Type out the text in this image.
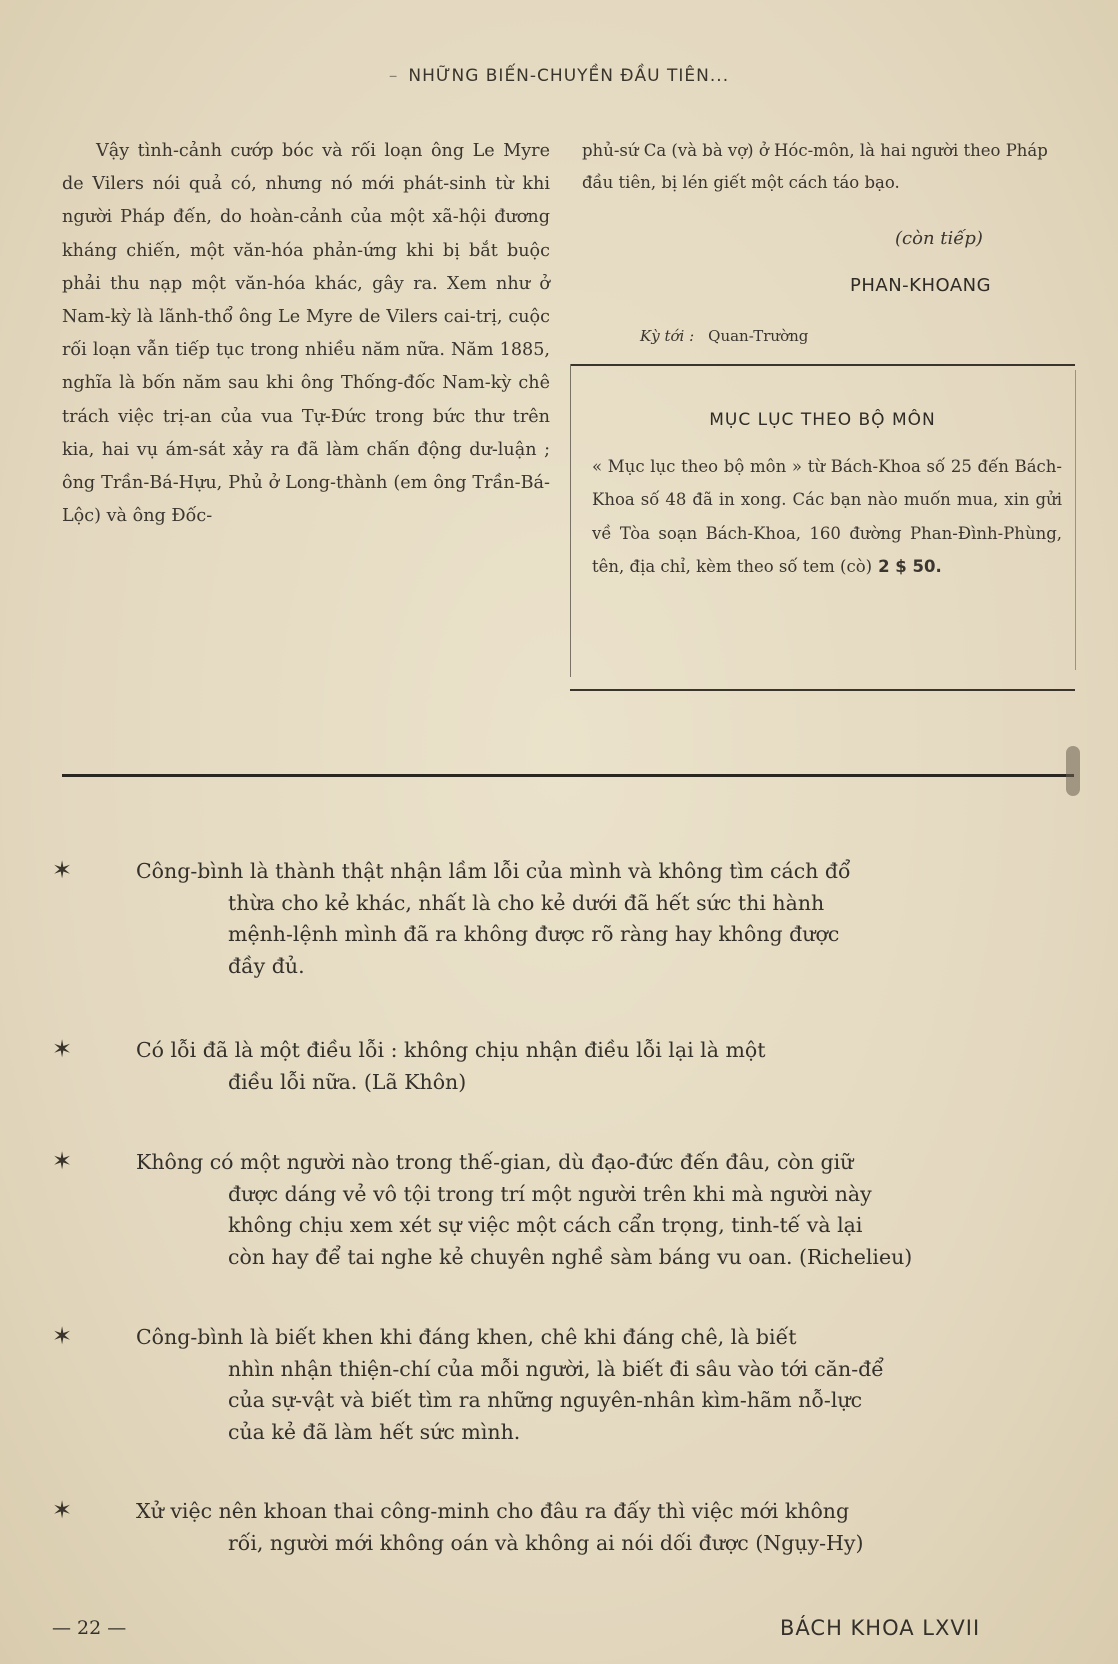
– NHỮNG BIẾN-CHUYỀN ĐẦU TIÊN...

Vậy tình-cảnh cướp bóc và rối loạn ông Le Myre de Vilers nói quả có, nhưng nó mới phát-sinh từ khi người Pháp đến, do hoàn-cảnh của một xã-hội đương kháng chiến, một văn-hóa phản-ứng khi bị bắt buộc phải thu nạp một văn-hóa khác, gây ra. Xem như ở Nam-kỳ là lãnh-thổ ông Le Myre de Vilers cai-trị, cuộc rối loạn vẫn tiếp tục trong nhiều năm nữa. Năm 1885, nghĩa là bốn năm sau khi ông Thống-đốc Nam-kỳ chê trách việc trị-an của vua Tự-Đức trong bức thư trên kia, hai vụ ám-sát xảy ra đã làm chấn động dư-luận ; ông Trần-Bá-Hựu, Phủ ở Long-thành (em ông Trần-Bá-Lộc) và ông Đốc-

phủ-sứ Ca (và bà vợ) ở Hóc-môn, là hai người theo Pháp đầu tiên, bị lén giết một cách táo bạo.

(còn tiếp)
PHAN-KHOANG
Kỳ tới : Quan-Trường
MỤC LỤC THEO BỘ MÔN
« Mục lục theo bộ môn » từ Bách-Khoa số 25 đến Bách-Khoa số 48 đã in xong. Các bạn nào muốn mua, xin gửi về Tòa soạn Bách-Khoa, 160 đường Phan-Đình-Phùng, tên, địa chỉ, kèm theo số tem (cò) 2 $ 50.
✶	Công-bình là thành thật nhận lầm lỗi của mình và không tìm cách đổ
thừa cho kẻ khác, nhất là cho kẻ dưới đã hết sức thi hành
mệnh-lệnh mình đã ra không được rõ ràng hay không được
đầy đủ.
✶	Có lỗi đã là một điều lỗi : không chịu nhận điều lỗi lại là một
điều lỗi nữa. (Lã Khôn)
✶	Không có một người nào trong thế-gian, dù đạo-đức đến đâu, còn giữ
được dáng vẻ vô tội trong trí một người trên khi mà người này
không chịu xem xét sự việc một cách cẩn trọng, tinh-tế và lại
còn hay để tai nghe kẻ chuyên nghề sàm báng vu oan. (Richelieu)
✶	Công-bình là biết khen khi đáng khen, chê khi đáng chê, là biết
nhìn nhận thiện-chí của mỗi người, là biết đi sâu vào tới căn-để
của sự-vật và biết tìm ra những nguyên-nhân kìm-hãm nỗ-lực
của kẻ đã làm hết sức mình.
✶	Xử việc nên khoan thai công-minh cho đâu ra đấy thì việc mới không
rối, người mới không oán và không ai nói dối được (Ngụy-Hy)
— 22 —	BÁCH KHOA LXVII
